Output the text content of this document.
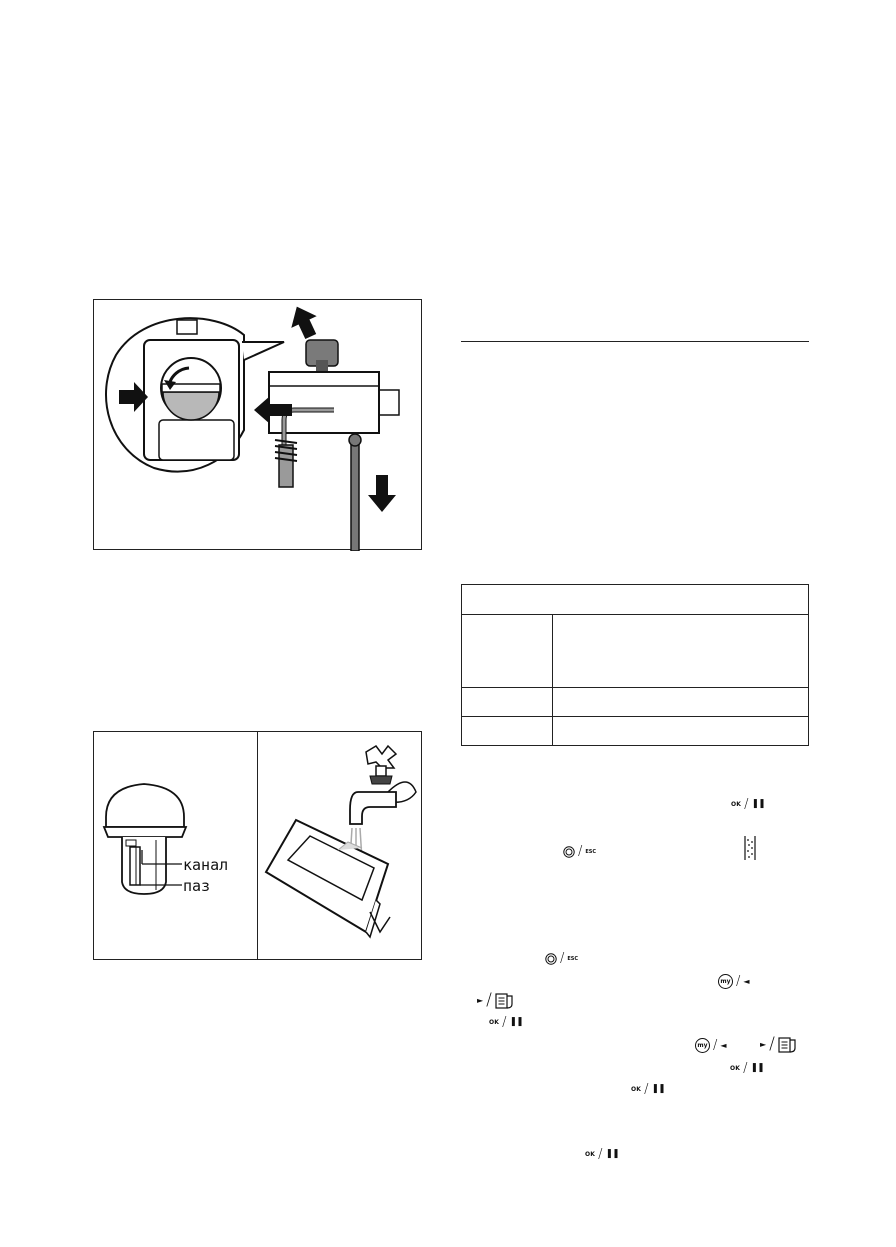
канал
паз
OK / ❚❚
/ ESC
/ ESC
my / ◄
► /
OK / ❚❚
my / ◄	► /
OK / ❚❚
OK / ❚❚
OK / ❚❚
